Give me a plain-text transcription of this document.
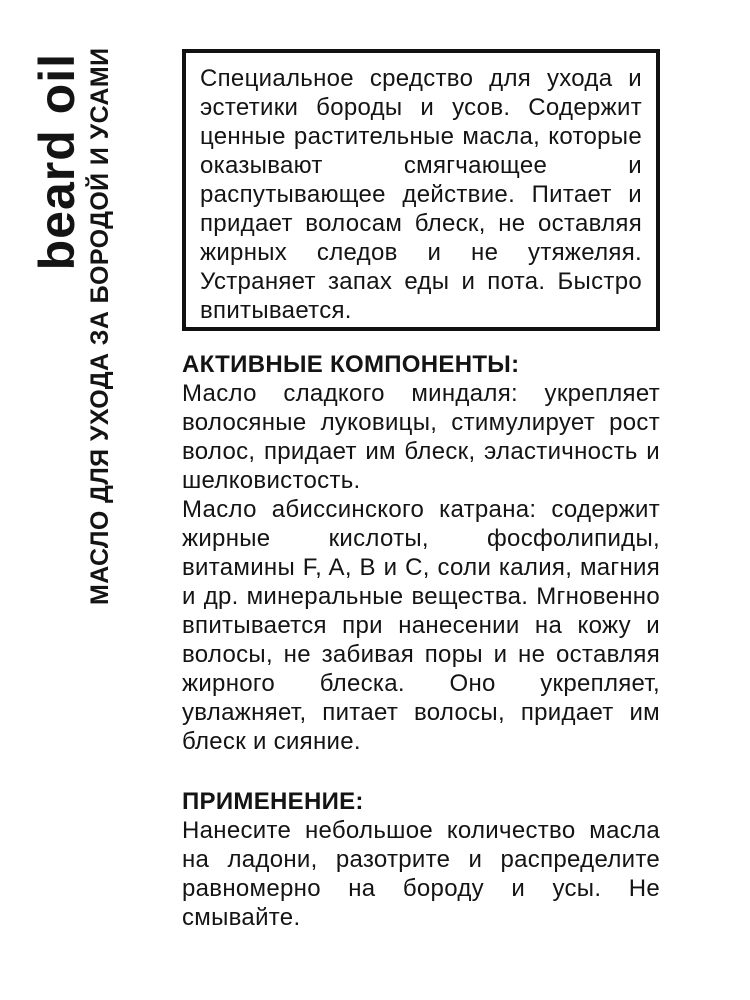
beard oil МАСЛО ДЛЯ УХОДА ЗА БОРОДОЙ И УСАМИ	Специальное средство для ухода и эстетики бороды и усов. Содержит ценные растительные масла, которые оказывают смягчающее и распутывающее действие. Питает и придает волосам блеск, не оставляя жирных следов и не утяжеляя. Устраняет запах еды и пота. Быстро впитывается.

АКТИВНЫЕ КОМПОНЕНТЫ:

Масло сладкого миндаля: укрепляет волосяные луковицы, стимулирует рост волос, придает им блеск, эластичность и шелковистость.

Масло абиссинского катрана: содержит жирные кислоты, фосфолипиды, витамины F, A, B и C, соли калия, магния и др. минеральные вещества. Мгновенно впитывается при нанесении на кожу и волосы, не забивая поры и не оставляя жирного блеска. Оно укрепляет, увлажняет, питает волосы, придает им блеск и сияние.

ПРИМЕНЕНИЕ:

Нанесите небольшое количество масла на ладони, разотрите и распределите равномерно на бороду и усы. Не смывайте.
